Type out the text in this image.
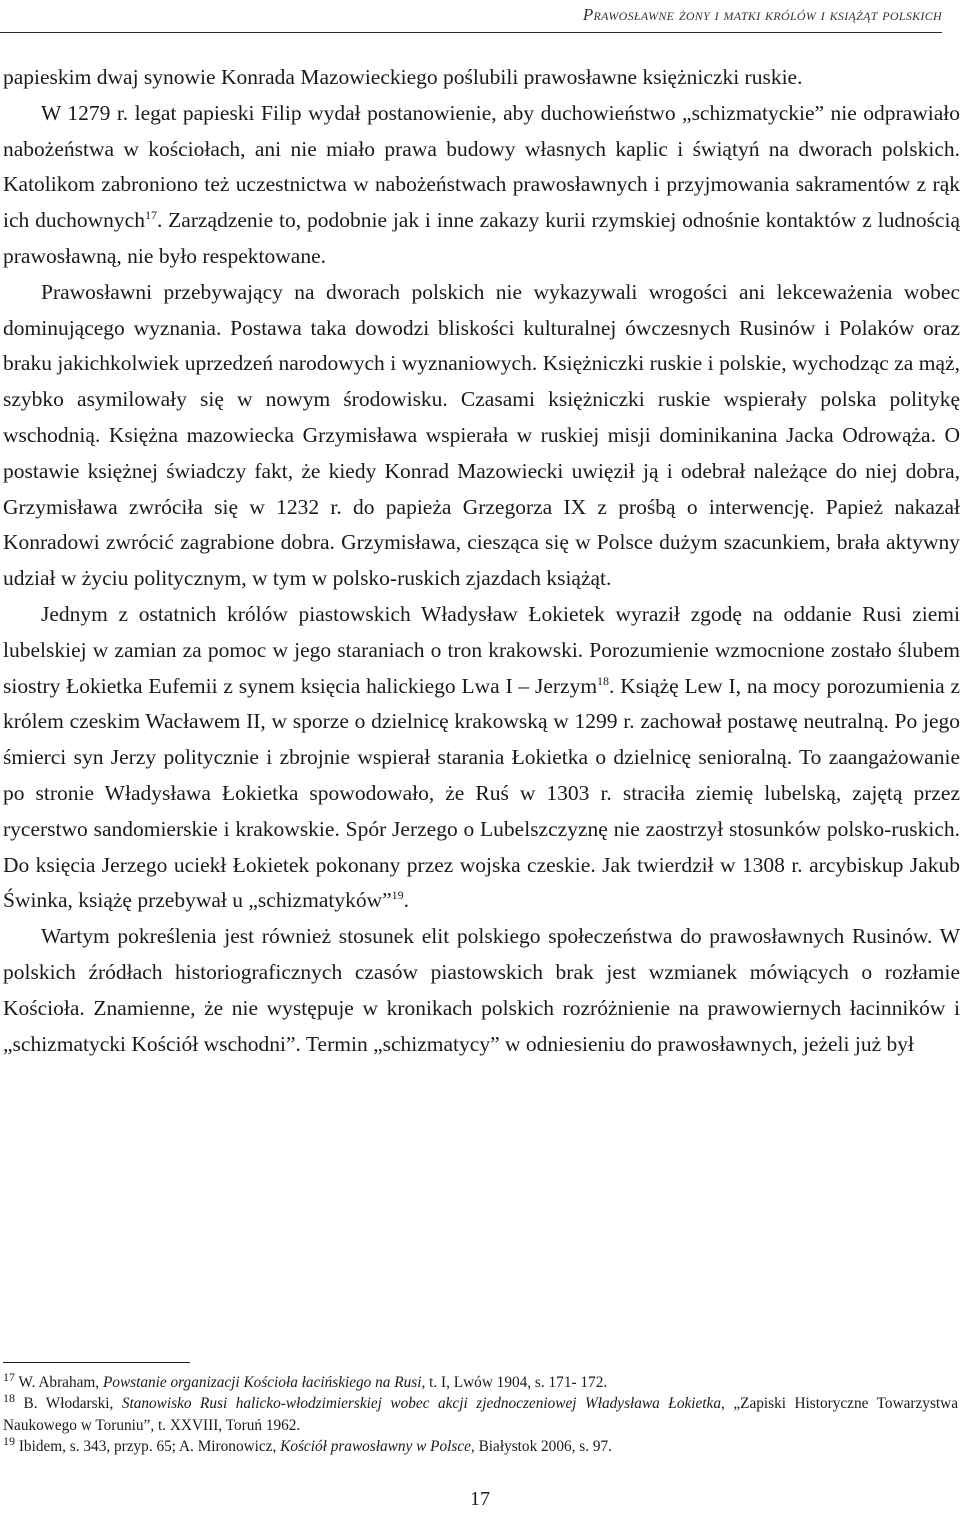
Prawosławne żony i matki królów i książąt polskich

papieskim dwaj synowie Konrada Mazowieckiego poślubili prawosławne księżniczki ruskie.

W 1279 r. legat papieski Filip wydał postanowienie, aby duchowieństwo „schizmatyckie” nie odprawiało nabożeństwa w kościołach, ani nie miało prawa budowy własnych kaplic i świątyń na dworach polskich. Katolikom zabroniono też uczestnictwa w nabożeństwach prawosławnych i przyjmowania sakramentów z rąk ich duchownych$^{17}$. Zarządzenie to, podobnie jak i inne zakazy kurii rzymskiej odnośnie kontaktów z ludnością prawosławną, nie było respektowane.

Prawosławni przebywający na dworach polskich nie wykazywali wrogości ani lekceważenia wobec dominującego wyznania. Postawa taka dowodzi bliskości kulturalnej ówczesnych Rusinów i Polaków oraz braku jakichkolwiek uprzedzeń narodowych i wyznaniowych. Księżniczki ruskie i polskie, wychodząc za mąż, szybko asymilowały się w nowym środowisku. Czasami księżniczki ruskie wspierały polska politykę wschodnią. Księżna mazowiecka Grzymisława wspierała w ruskiej misji dominikanina Jacka Odrowąża. O postawie księżnej świadczy fakt, że kiedy Konrad Mazowiecki uwięził ją i odebrał należące do niej dobra, Grzymisława zwróciła się w 1232 r. do papieża Grzegorza IX z prośbą o interwencję. Papież nakazał Konradowi zwrócić zagrabione dobra. Grzymisława, ciesząca się w Polsce dużym szacunkiem, brała aktywny udział w życiu politycznym, w tym w polsko-ruskich zjazdach książąt.

Jednym z ostatnich królów piastowskich Władysław Łokietek wyraził zgodę na oddanie Rusi ziemi lubelskiej w zamian za pomoc w jego staraniach o tron krakowski. Porozumienie wzmocnione zostało ślubem siostry Łokietka Eufemii z synem księcia halickiego Lwa I – Jerzym$^{18}$. Książę Lew I, na mocy porozumienia z królem czeskim Wacławem II, w sporze o dzielnicę krakowską w 1299 r. zachował postawę neutralną. Po jego śmierci syn Jerzy politycznie i zbrojnie wspierał starania Łokietka o dzielnicę senioralną. To zaangażowanie po stronie Władysława Łokietka spowodowało, że Ruś w 1303 r. straciła ziemię lubelską, zajętą przez rycerstwo sandomierskie i krakowskie. Spór Jerzego o Lubelszczyznę nie zaostrzył stosunków polsko-ruskich. Do księcia Jerzego uciekł Łokietek pokonany przez wojska czeskie. Jak twierdził w 1308 r. arcybiskup Jakub Świnka, książę przebywał u „schizmatyków”$^{19}$.

Wartym pokreślenia jest również stosunek elit polskiego społeczeństwa do prawosławnych Rusinów. W polskich źródłach historiograficznych czasów piastowskich brak jest wzmianek mówiących o rozłamie Kościoła. Znamienne, że nie występuje w kronikach polskich rozróżnienie na prawowiernych łacinników i „schizmatycki Kościół wschodni”. Termin „schizmatycy” w odniesieniu do prawosławnych, jeżeli już był

$^{17}$ W. Abraham, Powstanie organizacji Kościoła łacińskiego na Rusi, t. I, Lwów 1904, s. 171- 172.

$^{18}$ B. Włodarski, Stanowisko Rusi halicko-włodzimierskiej wobec akcji zjednoczeniowej Władysława Łokietka, „Zapiski Historyczne Towarzystwa Naukowego w Toruniu”, t. XXVIII, Toruń 1962.

$^{19}$ Ibidem, s. 343, przyp. 65; A. Mironowicz, Kościół prawosławny w Polsce, Białystok 2006, s. 97.

17
